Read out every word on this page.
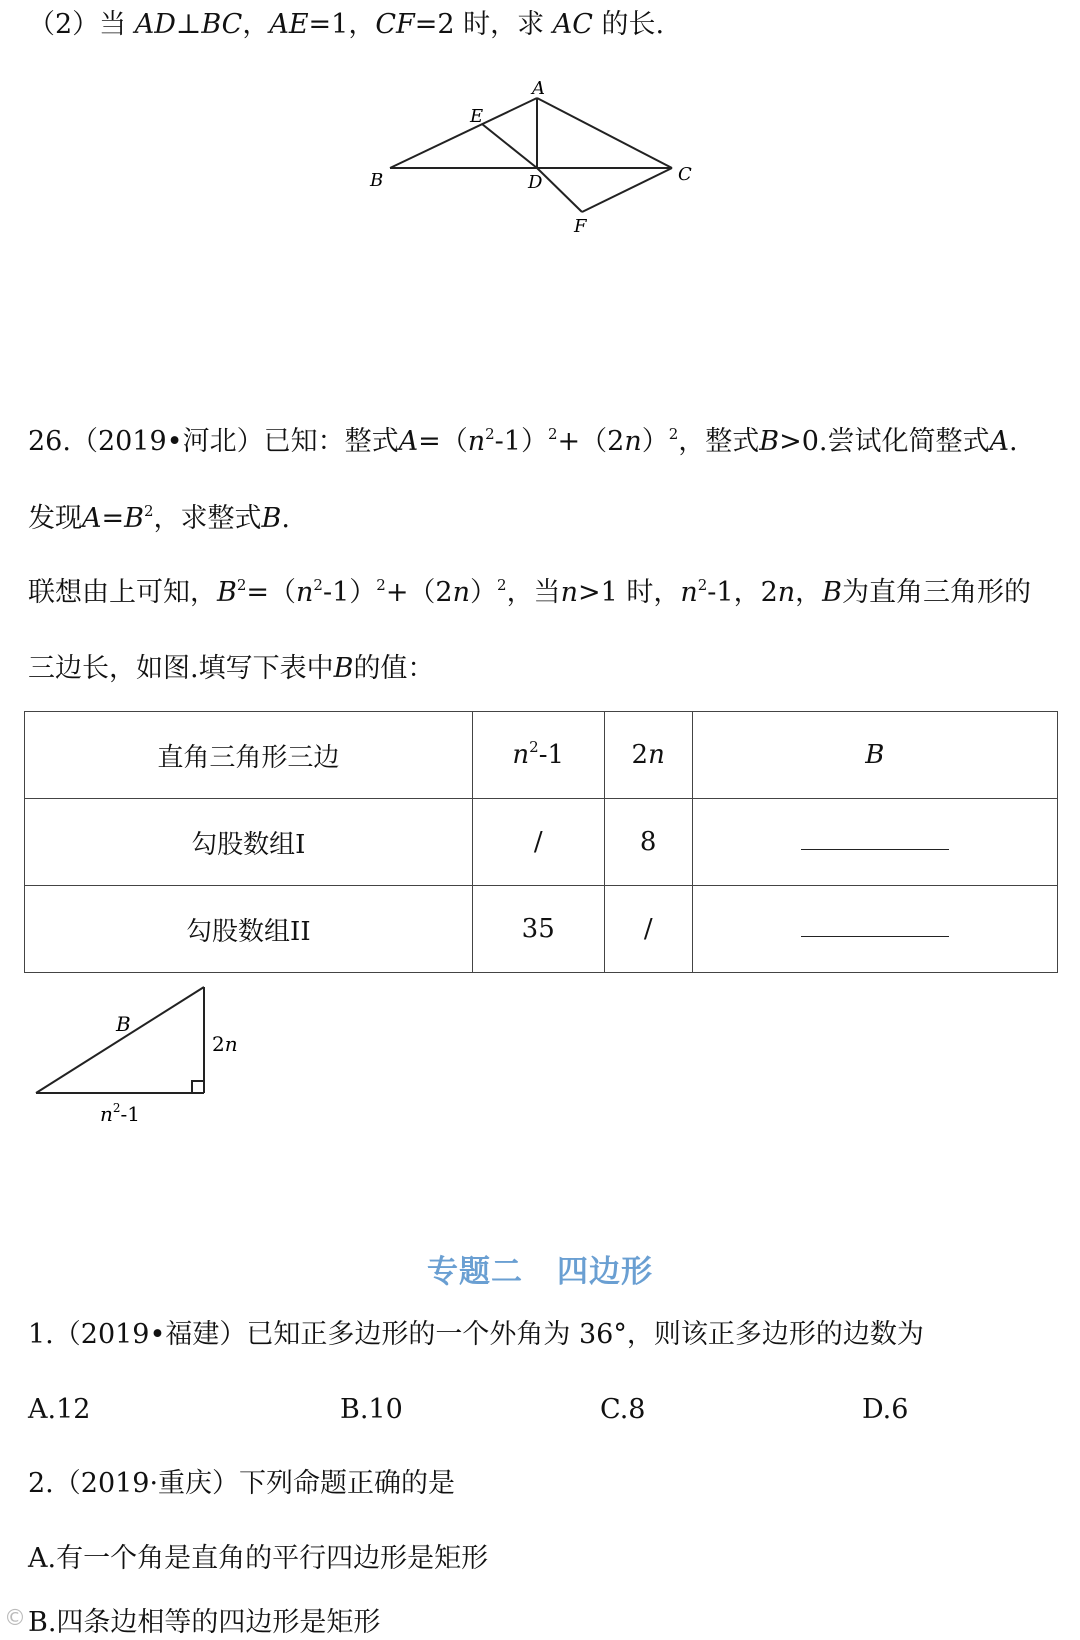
（2）当 AD⊥BC，AE=1，CF=2 时，求 AC 的长.
A
E
B	D	C
F
26.（2019•河北）已知：整式$A=(n^2-1)^2+(2n)^2$，整式B>0.尝试化简整式A.
发现$A=B^2$，求整式B.
联想由上可知，$B^2=(n^2-1)^2+(2n)^2$，当n>1 时，$n^2-1$，2n，B为直角三角形的
三边长，如图.填写下表中B的值：
直角三角形三边	$n^2-1$	2n	B
勾股数组I	/	8	
勾股数组II	35	/	
B
2n
$n^2-1$
专题二 四边形
1.（2019•福建）已知正多边形的一个外角为 36°，则该正多边形的边数为
A.12	B.10	C.8	D.6
2.（2019·重庆）下列命题正确的是
A.有一个角是直角的平行四边形是矩形
B.四条边相等的四边形是矩形
©
